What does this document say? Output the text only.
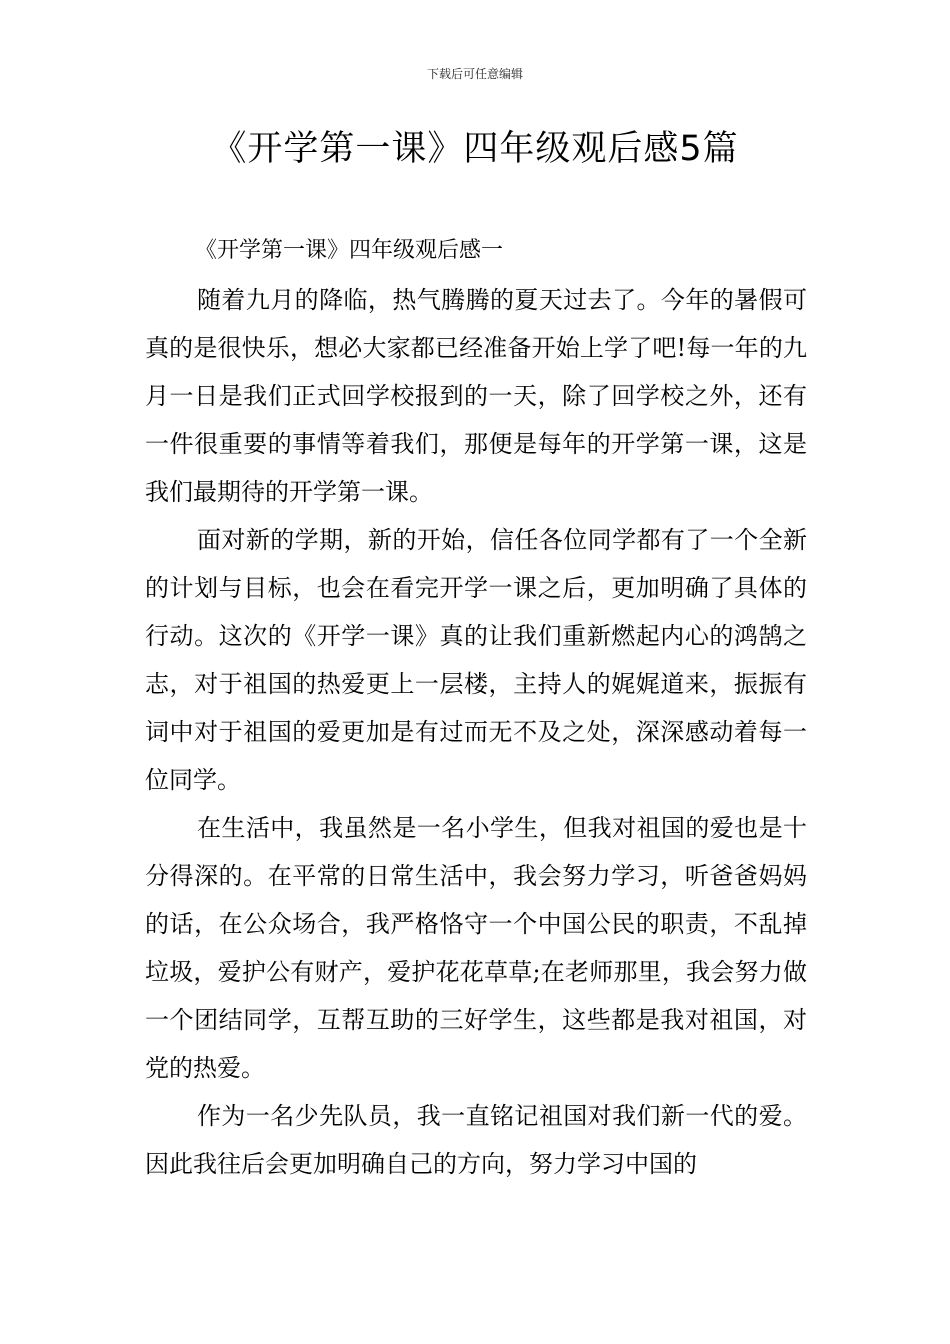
下载后可任意编辑
《开学第一课》四年级观后感5篇

《开学第一课》四年级观后感一

随着九月的降临，热气腾腾的夏天过去了。今年的暑假可真的是很快乐，想必大家都已经准备开始上学了吧!每一年的九月一日是我们正式回学校报到的一天，除了回学校之外，还有一件很重要的事情等着我们，那便是每年的开学第一课，这是我们最期待的开学第一课。

面对新的学期，新的开始，信任各位同学都有了一个全新的计划与目标，也会在看完开学一课之后，更加明确了具体的行动。这次的《开学一课》真的让我们重新燃起内心的鸿鹄之志，对于祖国的热爱更上一层楼，主持人的娓娓道来，振振有词中对于祖国的爱更加是有过而无不及之处，深深感动着每一位同学。

在生活中，我虽然是一名小学生，但我对祖国的爱也是十分得深的。在平常的日常生活中，我会努力学习，听爸爸妈妈的话，在公众场合，我严格恪守一个中国公民的职责，不乱掉垃圾，爱护公有财产，爱护花花草草;在老师那里，我会努力做一个团结同学，互帮互助的三好学生，这些都是我对祖国，对党的热爱。

作为一名少先队员，我一直铭记祖国对我们新一代的爱。因此我往后会更加明确自己的方向，努力学习中国的
